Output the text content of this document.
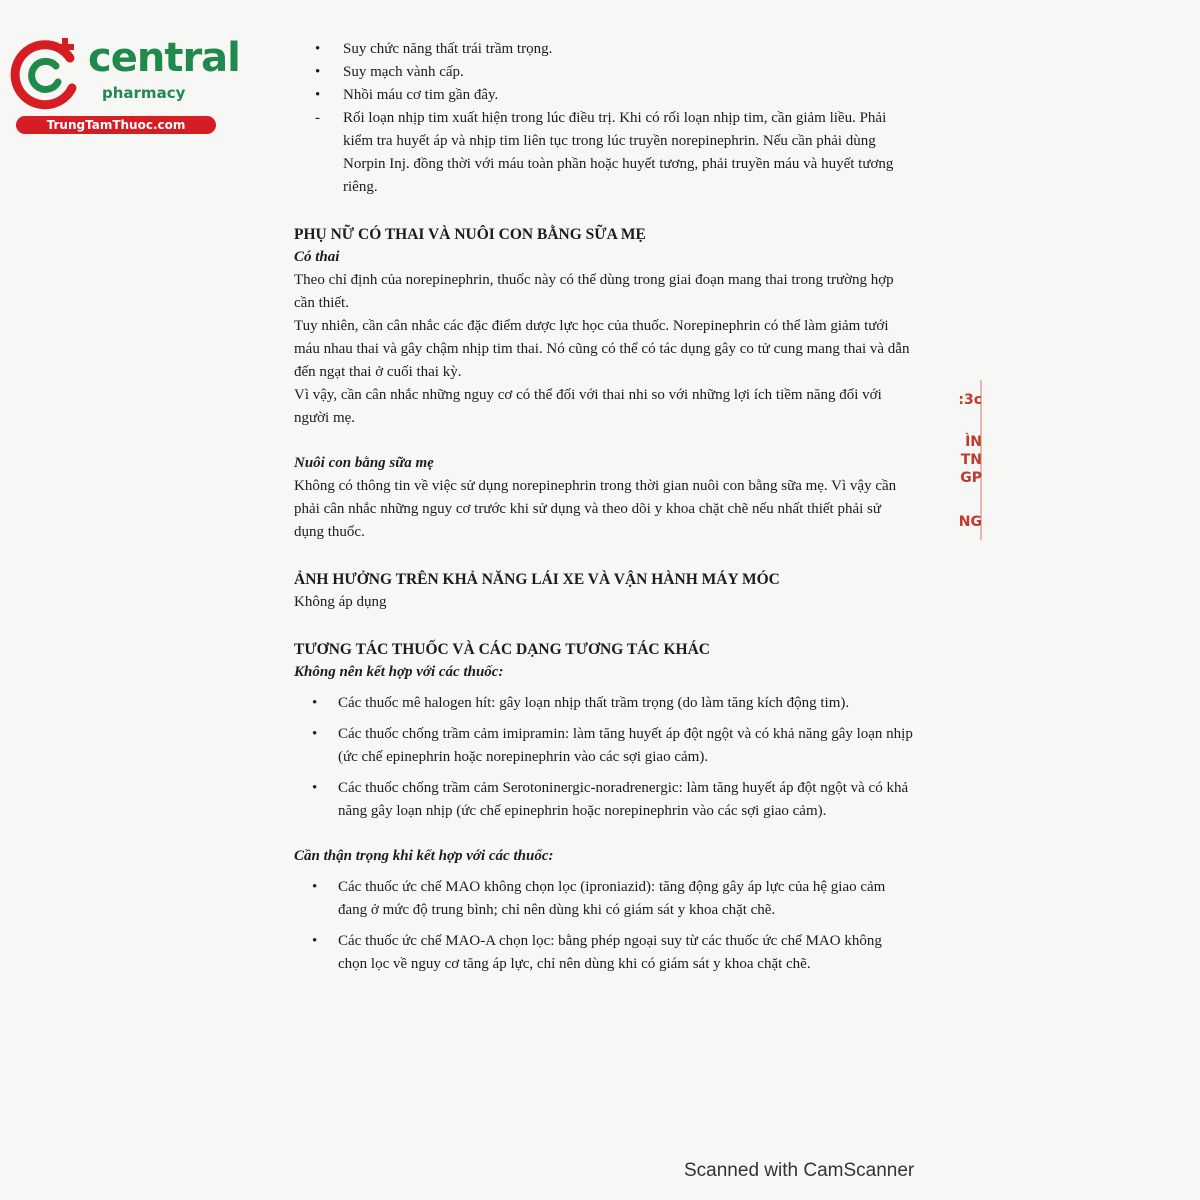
central
pharmacy
TrungTamThuoc.com
• Suy chức năng thất trái trầm trọng.
• Suy mạch vành cấp.
• Nhồi máu cơ tim gần đây.
- Rối loạn nhịp tim xuất hiện trong lúc điều trị. Khi có rối loạn nhịp tim, cần giảm liều. Phải kiểm tra huyết áp và nhịp tim liên tục trong lúc truyền norepinephrin. Nếu cần phải dùng Norpin Inj. đồng thời với máu toàn phần hoặc huyết tương, phải truyền máu và huyết tương riêng.
PHỤ NỮ CÓ THAI VÀ NUÔI CON BẰNG SỮA MẸ

Có thai

Theo chỉ định của norepinephrin, thuốc này có thể dùng trong giai đoạn mang thai trong trường hợp cần thiết.

Tuy nhiên, cần cân nhắc các đặc điểm dược lực học của thuốc. Norepinephrin có thể làm giảm tưới máu nhau thai và gây chậm nhịp tim thai. Nó cũng có thể có tác dụng gây co tử cung mang thai và dẫn đến ngạt thai ở cuối thai kỳ.

Vì vậy, cần cân nhắc những nguy cơ có thể đối với thai nhi so với những lợi ích tiềm năng đối với người mẹ.

Nuôi con bằng sữa mẹ

Không có thông tin về việc sử dụng norepinephrin trong thời gian nuôi con bằng sữa mẹ. Vì vậy cần phải cân nhắc những nguy cơ trước khi sử dụng và theo dõi y khoa chặt chẽ nếu nhất thiết phải sử dụng thuốc.

ẢNH HƯỞNG TRÊN KHẢ NĂNG LÁI XE VÀ VẬN HÀNH MÁY MÓC

Không áp dụng

TƯƠNG TÁC THUỐC VÀ CÁC DẠNG TƯƠNG TÁC KHÁC

Không nên kết hợp với các thuốc:

• Các thuốc mê halogen hít: gây loạn nhịp thất trầm trọng (do làm tăng kích động tim).
• Các thuốc chống trầm cảm imipramin: làm tăng huyết áp đột ngột và có khả năng gây loạn nhịp (ức chế epinephrin hoặc norepinephrin vào các sợi giao cảm).
• Các thuốc chống trầm cảm Serotoninergic-noradrenergic: làm tăng huyết áp đột ngột và có khả năng gây loạn nhịp (ức chế epinephrin hoặc norepinephrin vào các sợi giao cảm).

Cần thận trọng khi kết hợp với các thuốc:

• Các thuốc ức chế MAO không chọn lọc (iproniazid): tăng động gây áp lực của hệ giao cảm đang ở mức độ trung bình; chỉ nên dùng khi có giám sát y khoa chặt chẽ.
• Các thuốc ức chế MAO-A chọn lọc: bằng phép ngoại suy từ các thuốc ức chế MAO không chọn lọc về nguy cơ tăng áp lực, chỉ nên dùng khi có giám sát y khoa chặt chẽ.
:3c
ÌN
TN
GP
NG
Scanned with CamScanner
